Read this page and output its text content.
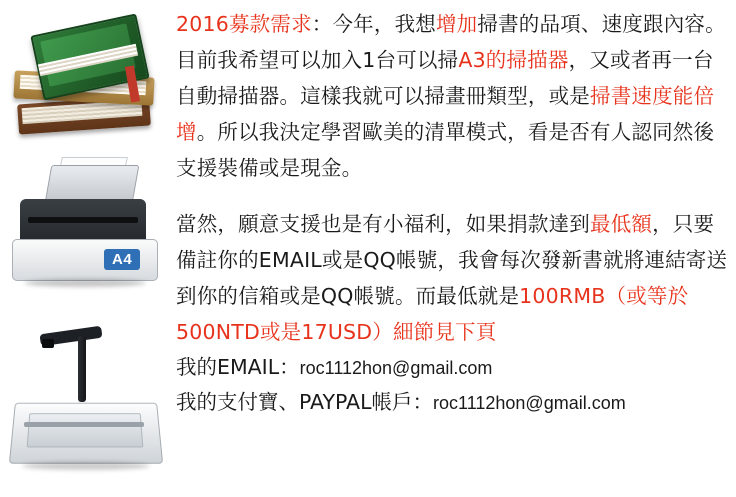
A4
2016募款需求：今年，我想增加掃書的品項、速度跟內容。目前我希望可以加入1台可以掃A3的掃描器，又或者再一台自動掃描器。這樣我就可以掃畫冊類型，或是掃書速度能倍增。所以我決定學習歐美的清單模式，看是否有人認同然後支援裝備或是現金。
當然，願意支援也是有小福利，如果捐款達到最低額，只要備註你的EMAIL或是QQ帳號，我會每次發新書就將連結寄送到你的信箱或是QQ帳號。而最低就是100RMB（或等於 500NTD或是17USD）細節見下頁
我的EMAIL：roc1112hon@gmail.com
我的支付寶、PAYPAL帳戶：roc1112hon@gmail.com
